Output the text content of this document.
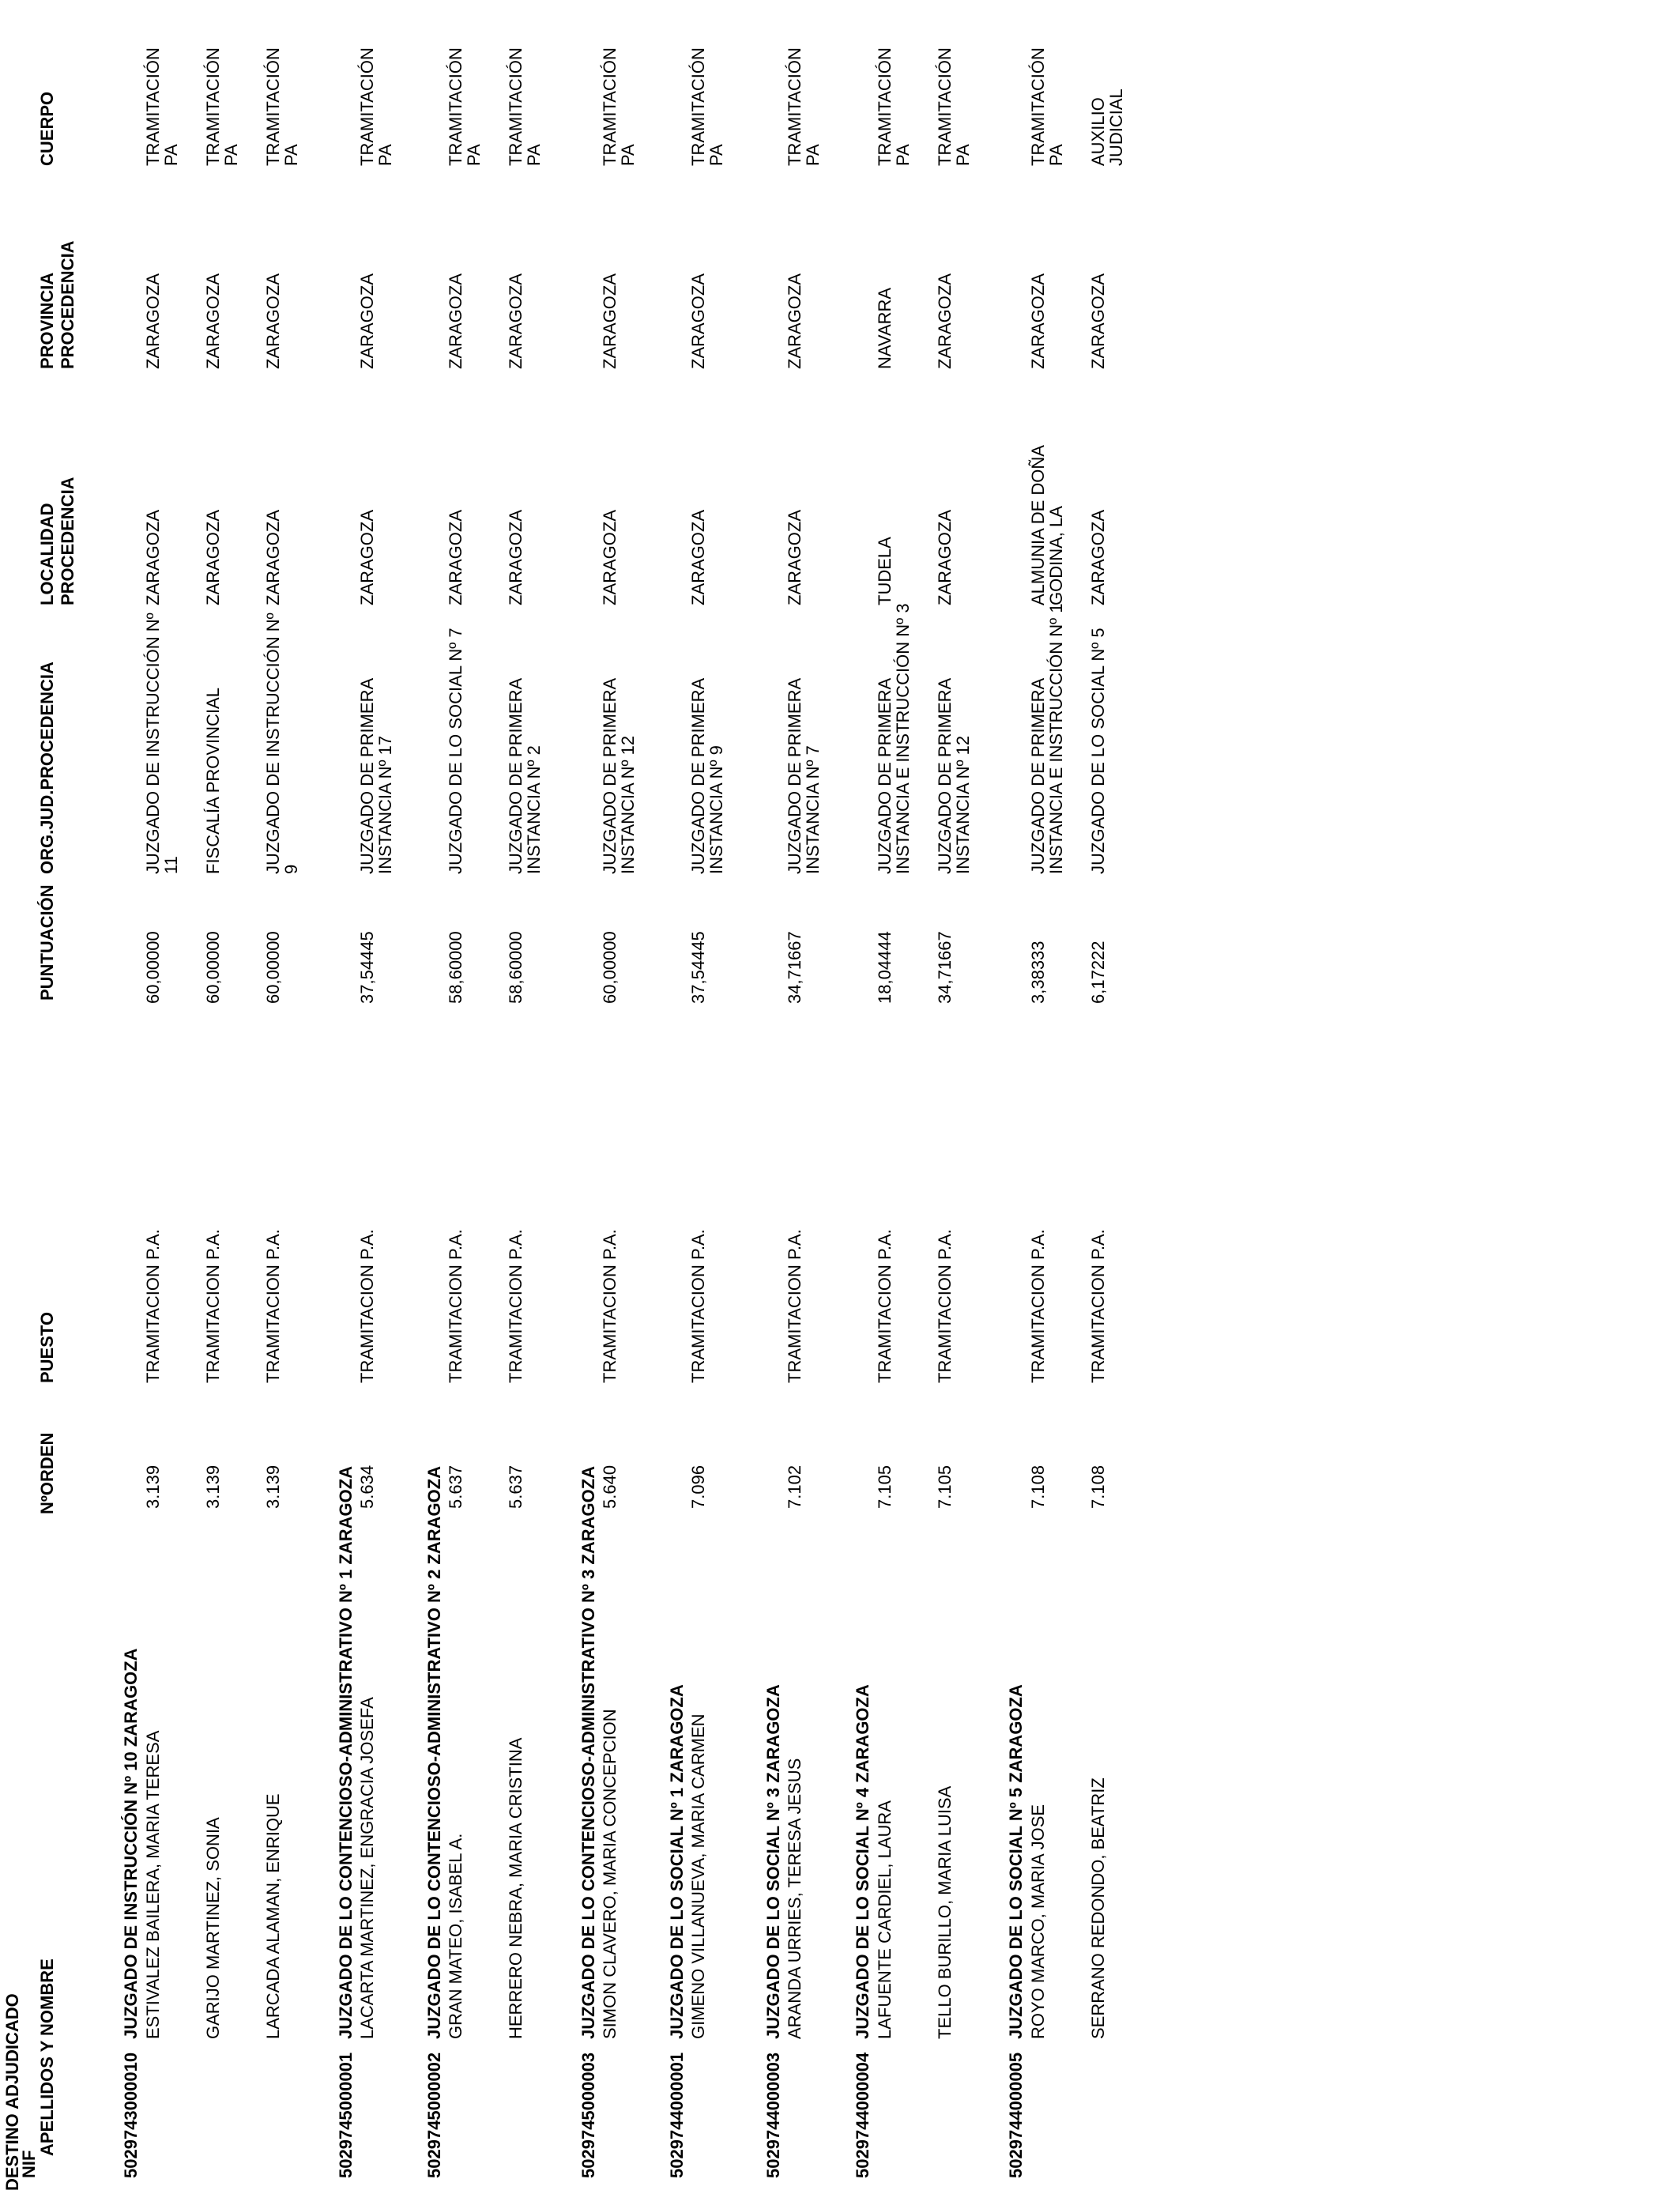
DESTINO ADJUDICADO
NIF
APELLIDOS Y NOMBRE
NºORDEN
PUESTO
PUNTUACIÓN
ORG.JUD.PROCEDENCIA
LOCALIDAD PROCEDENCIA
PROVINCIA PROCEDENCIA
CUERPO
5029743000010
JUZGADO DE INSTRUCCIÓN Nº 10 ZARAGOZA ESTIVALEZ BAILERA, MARIA TERESA
3.139
TRAMITACION P.A.
60,00000
JUZGADO DE INSTRUCCIÓN Nº
11
ZARAGOZA
ZARAGOZA
TRAMITACIÓN
PA
GARIJO MARTINEZ, SONIA
3.139
TRAMITACION P.A.
60,00000
FISCALÍA PROVINCIAL
ZARAGOZA
ZARAGOZA
TRAMITACIÓN
PA
LARCADA ALAMAN, ENRIQUE
3.139
TRAMITACION P.A.
60,00000
JUZGADO DE INSTRUCCIÓN Nº
9
ZARAGOZA
ZARAGOZA
TRAMITACIÓN
PA
5029745000001
JUZGADO DE LO CONTENCIOSO-ADMINISTRATIVO Nº 1 ZARAGOZA LACARTA MARTINEZ, ENGRACIA JOSEFA
5.634
TRAMITACION P.A.
37,54445
JUZGADO DE PRIMERA
INSTANCIA Nº 17
ZARAGOZA
ZARAGOZA
TRAMITACIÓN
PA
5029745000002
JUZGADO DE LO CONTENCIOSO-ADMINISTRATIVO Nº 2 ZARAGOZA GRAN MATEO, ISABEL A.
5.637
TRAMITACION P.A.
58,60000
JUZGADO DE LO SOCIAL Nº 7
ZARAGOZA
ZARAGOZA
TRAMITACIÓN
PA
HERRERO NEBRA, MARIA CRISTINA
5.637
TRAMITACION P.A.
58,60000
JUZGADO DE PRIMERA
INSTANCIA Nº 2
ZARAGOZA
ZARAGOZA
TRAMITACIÓN
PA
5029745000003
JUZGADO DE LO CONTENCIOSO-ADMINISTRATIVO Nº 3 ZARAGOZA SIMON CLAVERO, MARIA CONCEPCION
5.640
TRAMITACION P.A.
60,00000
JUZGADO DE PRIMERA
INSTANCIA Nº 12
ZARAGOZA
ZARAGOZA
TRAMITACIÓN
PA
5029744000001
JUZGADO DE LO SOCIAL Nº 1 ZARAGOZA GIMENO VILLANUEVA, MARIA CARMEN
7.096
TRAMITACION P.A.
37,54445
JUZGADO DE PRIMERA
INSTANCIA Nº 9
ZARAGOZA
ZARAGOZA
TRAMITACIÓN
PA
5029744000003
JUZGADO DE LO SOCIAL Nº 3 ZARAGOZA ARANDA URRIES, TERESA JESUS
7.102
TRAMITACION P.A.
34,71667
JUZGADO DE PRIMERA
INSTANCIA Nº 7
ZARAGOZA
ZARAGOZA
TRAMITACIÓN
PA
5029744000004
JUZGADO DE LO SOCIAL Nº 4 ZARAGOZA LAFUENTE CARDIEL, LAURA
7.105
TRAMITACION P.A.
18,04444
JUZGADO DE PRIMERA
INSTANCIA E INSTRUCCIÓN Nº 3
TUDELA
NAVARRA
TRAMITACIÓN
PA
TELLO BURILLO, MARIA LUISA
7.105
TRAMITACION P.A.
34,71667
JUZGADO DE PRIMERA
INSTANCIA Nº 12
ZARAGOZA
ZARAGOZA
TRAMITACIÓN
PA
5029744000005
JUZGADO DE LO SOCIAL Nº 5 ZARAGOZA ROYO MARCO, MARIA JOSE
7.108
TRAMITACION P.A.
3,38333
JUZGADO DE PRIMERA
INSTANCIA E INSTRUCCIÓN Nº 1
ALMUNIA DE DOÑA
GODINA, LA
ZARAGOZA
TRAMITACIÓN
PA
SERRANO REDONDO, BEATRIZ
7.108
TRAMITACION P.A.
6,17222
JUZGADO DE LO SOCIAL Nº 5
ZARAGOZA
ZARAGOZA
AUXILIO
JUDICIAL
